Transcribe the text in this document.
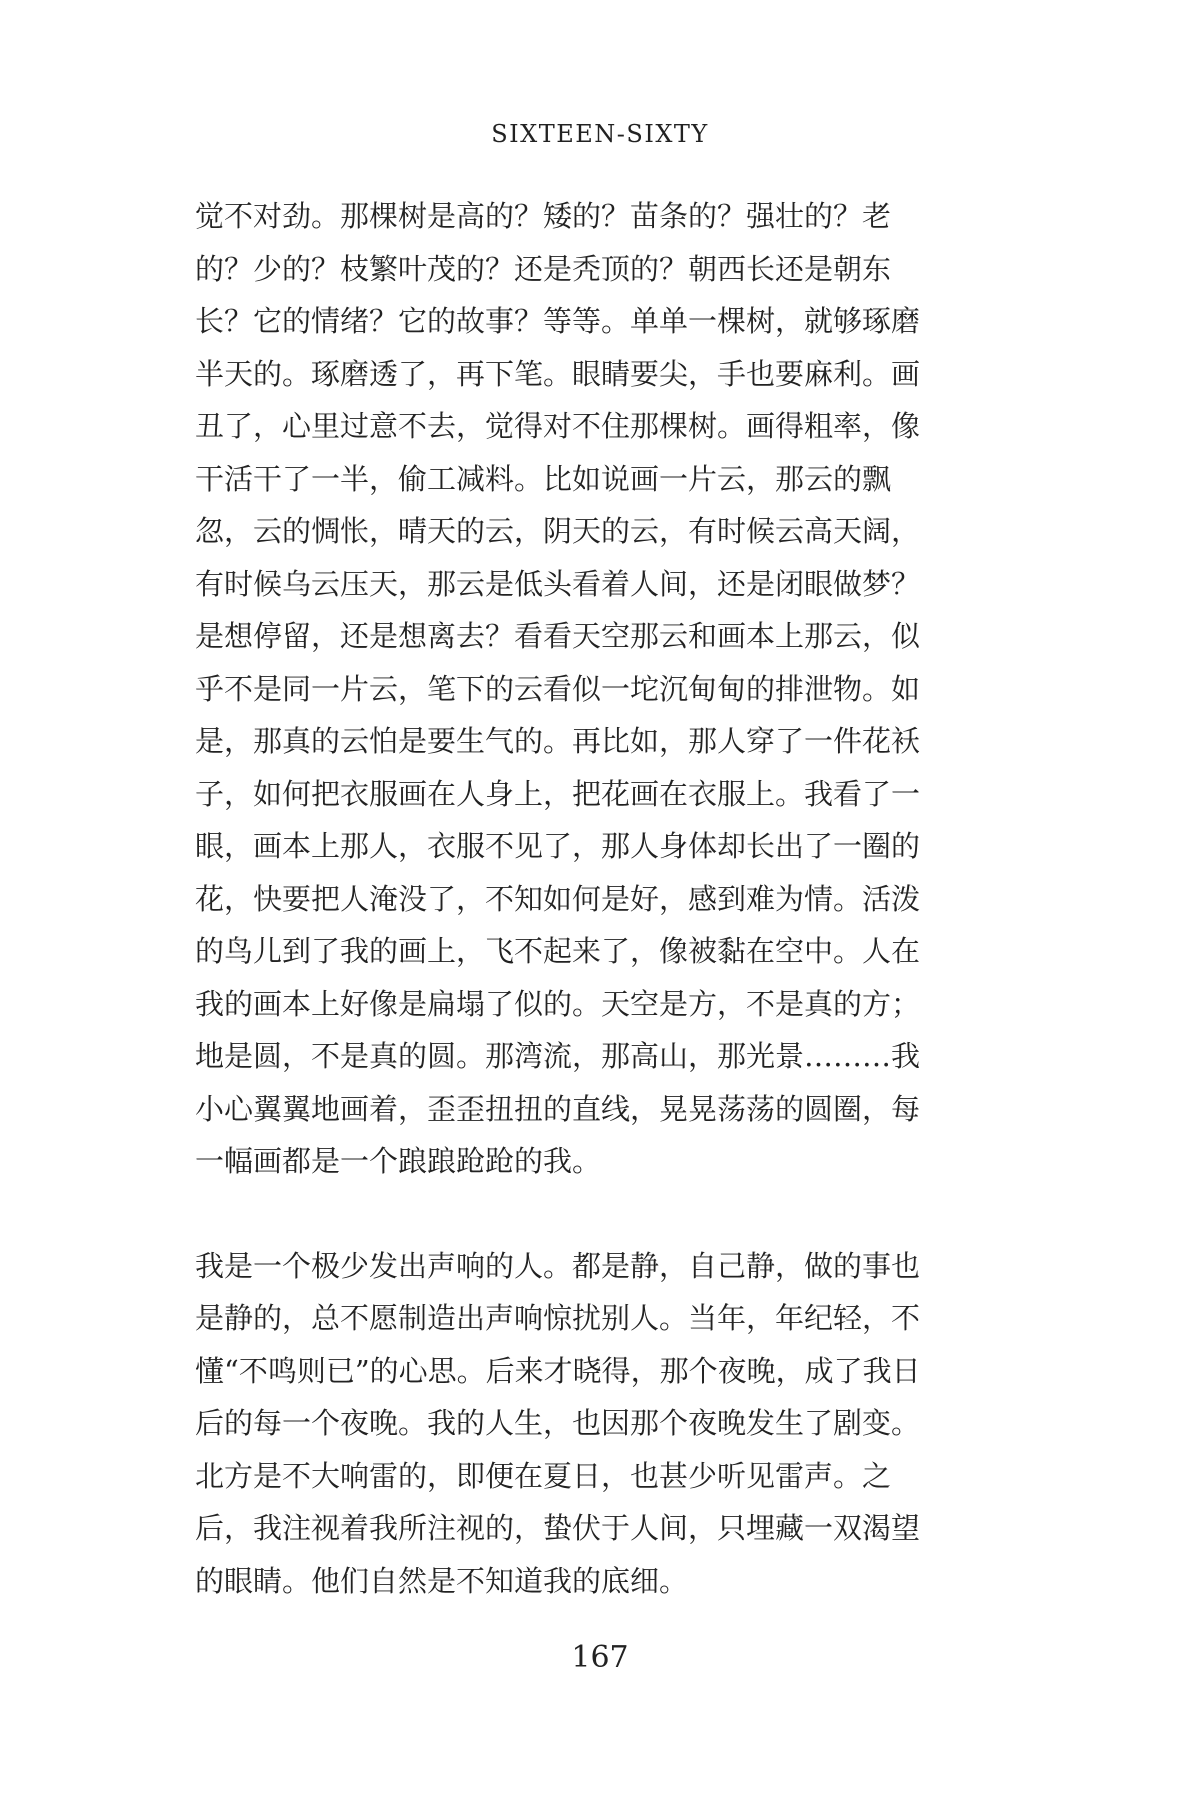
SIXTEEN-SIXTY

觉不对劲。那棵树是高的？矮的？苗条的？强壮的？老
的？少的？枝繁叶茂的？还是秃顶的？朝西长还是朝东
长？它的情绪？它的故事？等等。单单一棵树，就够琢磨
半天的。琢磨透了，再下笔。眼睛要尖，手也要麻利。画
丑了，心里过意不去，觉得对不住那棵树。画得粗率，像
干活干了一半，偷工减料。比如说画一片云，那云的飘
忽，云的惆怅，晴天的云，阴天的云，有时候云高天阔，
有时候乌云压天，那云是低头看着人间，还是闭眼做梦？
是想停留，还是想离去？看看天空那云和画本上那云，似
乎不是同一片云，笔下的云看似一坨沉甸甸的排泄物。如
是，那真的云怕是要生气的。再比如，那人穿了一件花袄
子，如何把衣服画在人身上，把花画在衣服上。我看了一
眼，画本上那人，衣服不见了，那人身体却长出了一圈的
花，快要把人淹没了，不知如何是好，感到难为情。活泼
的鸟儿到了我的画上，飞不起来了，像被黏在空中。人在
我的画本上好像是扁塌了似的。天空是方，不是真的方；
地是圆，不是真的圆。那湾流，那高山，那光景………我
小心翼翼地画着，歪歪扭扭的直线，晃晃荡荡的圆圈，每
一幅画都是一个踉踉跄跄的我。

我是一个极少发出声响的人。都是静，自己静，做的事也
是静的，总不愿制造出声响惊扰别人。当年，年纪轻，不
懂“不鸣则已”的心思。后来才晓得，那个夜晚，成了我日
后的每一个夜晚。我的人生，也因那个夜晚发生了剧变。
北方是不大响雷的，即便在夏日，也甚少听见雷声。之
后，我注视着我所注视的，蛰伏于人间，只埋藏一双渴望
的眼睛。他们自然是不知道我的底细。

167
